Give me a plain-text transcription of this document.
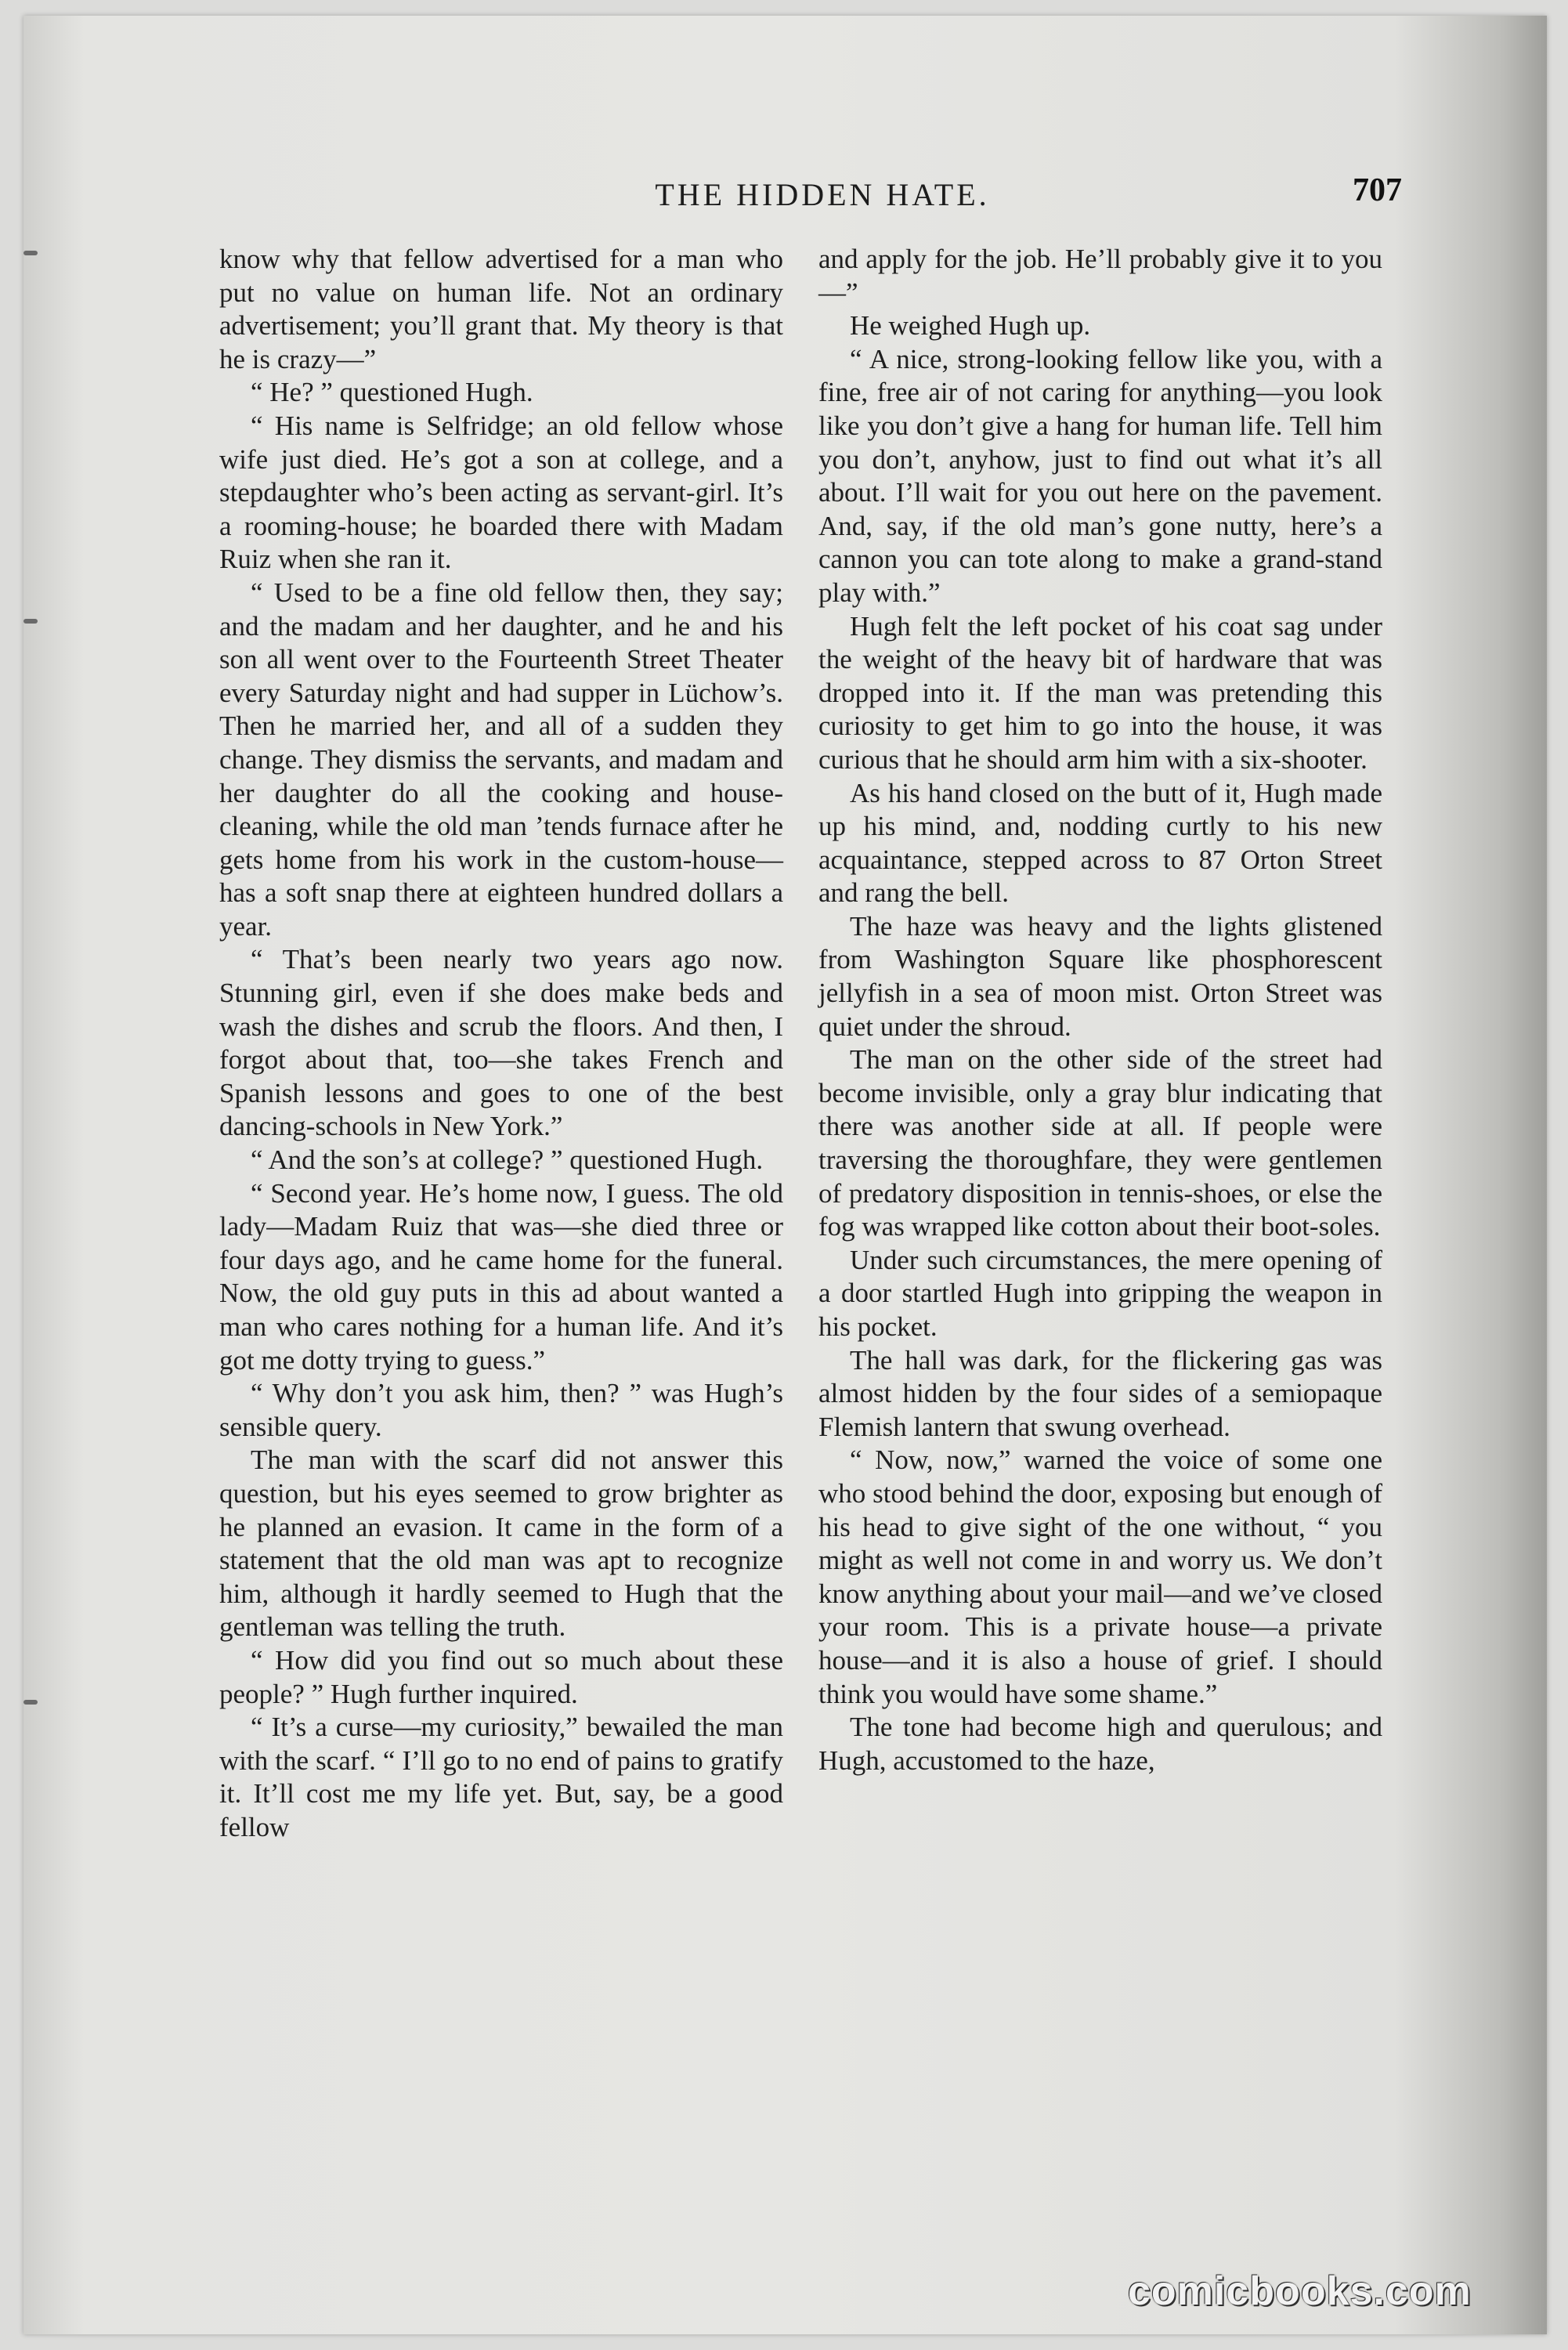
THE HIDDEN HATE.	707

know why that fellow advertised for a man who put no value on human life. Not an ordinary advertisement; you’ll grant that. My theory is that he is crazy—”

“ He? ” questioned Hugh.

“ His name is Selfridge; an old fellow whose wife just died. He’s got a son at college, and a stepdaughter who’s been acting as servant-girl. It’s a rooming-house; he boarded there with Madam Ruiz when she ran it.

“ Used to be a fine old fellow then, they say; and the madam and her daughter, and he and his son all went over to the Fourteenth Street Theater every Saturday night and had supper in Lüchow’s. Then he married her, and all of a sudden they change. They dismiss the servants, and madam and her daughter do all the cooking and house-cleaning, while the old man ’tends furnace after he gets home from his work in the custom-house—has a soft snap there at eighteen hundred dollars a year.

“ That’s been nearly two years ago now. Stunning girl, even if she does make beds and wash the dishes and scrub the floors. And then, I forgot about that, too—she takes French and Spanish lessons and goes to one of the best dancing-schools in New York.”

“ And the son’s at college? ” questioned Hugh.

“ Second year. He’s home now, I guess. The old lady—Madam Ruiz that was—she died three or four days ago, and he came home for the funeral. Now, the old guy puts in this ad about wanted a man who cares nothing for a human life. And it’s got me dotty trying to guess.”

“ Why don’t you ask him, then? ” was Hugh’s sensible query.

The man with the scarf did not answer this question, but his eyes seemed to grow brighter as he planned an evasion. It came in the form of a statement that the old man was apt to recognize him, although it hardly seemed to Hugh that the gentleman was telling the truth.

“ How did you find out so much about these people? ” Hugh further inquired.

“ It’s a curse—my curiosity,” bewailed the man with the scarf. “ I’ll go to no end of pains to gratify it. It’ll cost me my life yet. But, say, be a good fellow

and apply for the job. He’ll probably give it to you—”

He weighed Hugh up.

“ A nice, strong-looking fellow like you, with a fine, free air of not caring for anything—you look like you don’t give a hang for human life. Tell him you don’t, anyhow, just to find out what it’s all about. I’ll wait for you out here on the pavement. And, say, if the old man’s gone nutty, here’s a cannon you can tote along to make a grand-stand play with.”

Hugh felt the left pocket of his coat sag under the weight of the heavy bit of hardware that was dropped into it. If the man was pretending this curiosity to get him to go into the house, it was curious that he should arm him with a six-shooter.

As his hand closed on the butt of it, Hugh made up his mind, and, nodding curtly to his new acquaintance, stepped across to 87 Orton Street and rang the bell.

The haze was heavy and the lights glistened from Washington Square like phosphorescent jellyfish in a sea of moon mist. Orton Street was quiet under the shroud.

The man on the other side of the street had become invisible, only a gray blur indicating that there was another side at all. If people were traversing the thoroughfare, they were gentlemen of predatory disposition in tennis-shoes, or else the fog was wrapped like cotton about their boot-soles.

Under such circumstances, the mere opening of a door startled Hugh into gripping the weapon in his pocket.

The hall was dark, for the flickering gas was almost hidden by the four sides of a semiopaque Flemish lantern that swung overhead.

“ Now, now,” warned the voice of some one who stood behind the door, exposing but enough of his head to give sight of the one without, “ you might as well not come in and worry us. We don’t know anything about your mail—and we’ve closed your room. This is a private house—a private house—and it is also a house of grief. I should think you would have some shame.”

The tone had become high and querulous; and Hugh, accustomed to the haze,

comicbooks.com
